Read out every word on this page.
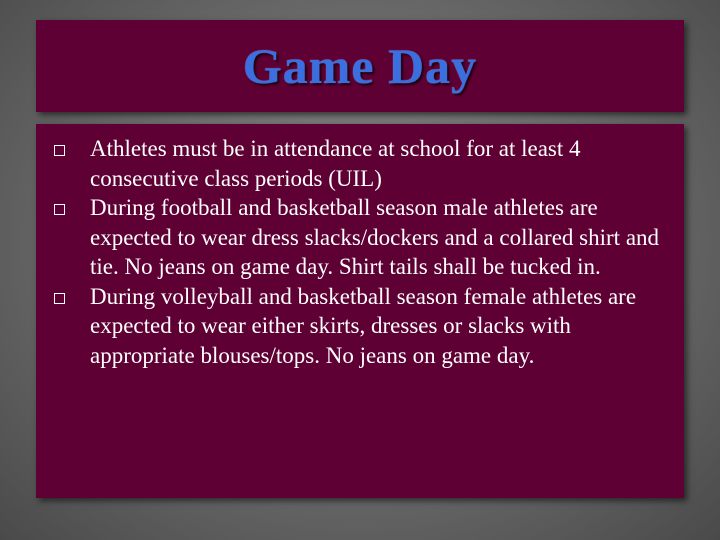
Game Day
Athletes must be in attendance at school for at least 4 consecutive class periods (UIL)
During football and basketball season male athletes are expected to wear dress slacks/dockers and a collared shirt and tie. No jeans on game day. Shirt tails shall be tucked in.
During volleyball and basketball season female athletes are expected to wear either skirts, dresses or slacks with appropriate blouses/tops. No jeans on game day.
